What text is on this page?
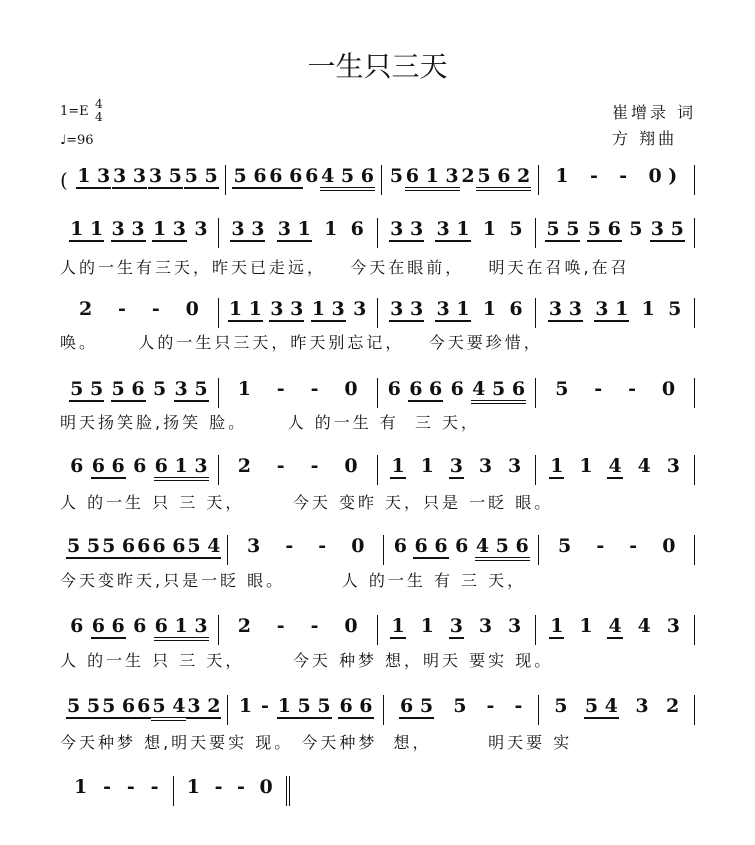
一生只三天
1=E 4
4
♩=96
崔增录 词
方 翔曲
( 1 3 3 3 3 5 5 5 5 6 6 6 6 4 5 6 5 6 1 3 2 5 6 2 1 - - 0 )
1 1 3 3 1 3 3 3 3 3 1 1 6 3 3 3 1 1 5 5 5 5 6 5 3 5
2 - - 0 1 1 3 3 1 3 3 3 3 3 1 1 6 3 3 3 1 1 5
5 5 5 6 5 3 5 1 - - 0 6 6 6 6 4 5 6 5 - - 0
6 6 6 6 6 1 3 2 - - 0 1 1 3 3 3 1 1 4 4 3
5 5 5 6 6 6 6 5 4 3 - - 0 6 6 6 6 4 5 6 5 - - 0
6 6 6 6 6 1 3 2 - - 0 1 1 3 3 3 1 1 4 4 3
5 5 5 6 6 5 4 3 2 1 - 1 5 5 6 6 6 5 5 - - 5 5 4 3 2
1 - - - 1 - - 0
人的一生有三天，昨天已走远，   今天在眼前，   明天在召唤,在召
唤。     人的一生只三天，昨天别忘记，   今天要珍惜，
明天扬笑脸,扬笑 脸。     人 的一生 有  三 天，
人 的一生 只 三 天，      今天 变昨 天，只是 一眨 眼。
今天变昨天,只是一眨 眼。       人 的一生 有 三 天，
人 的一生 只 三 天，      今天 种梦 想，明天 要实 现。
今天种梦 想,明天要实 现。 今天种梦  想，       明天要 实
